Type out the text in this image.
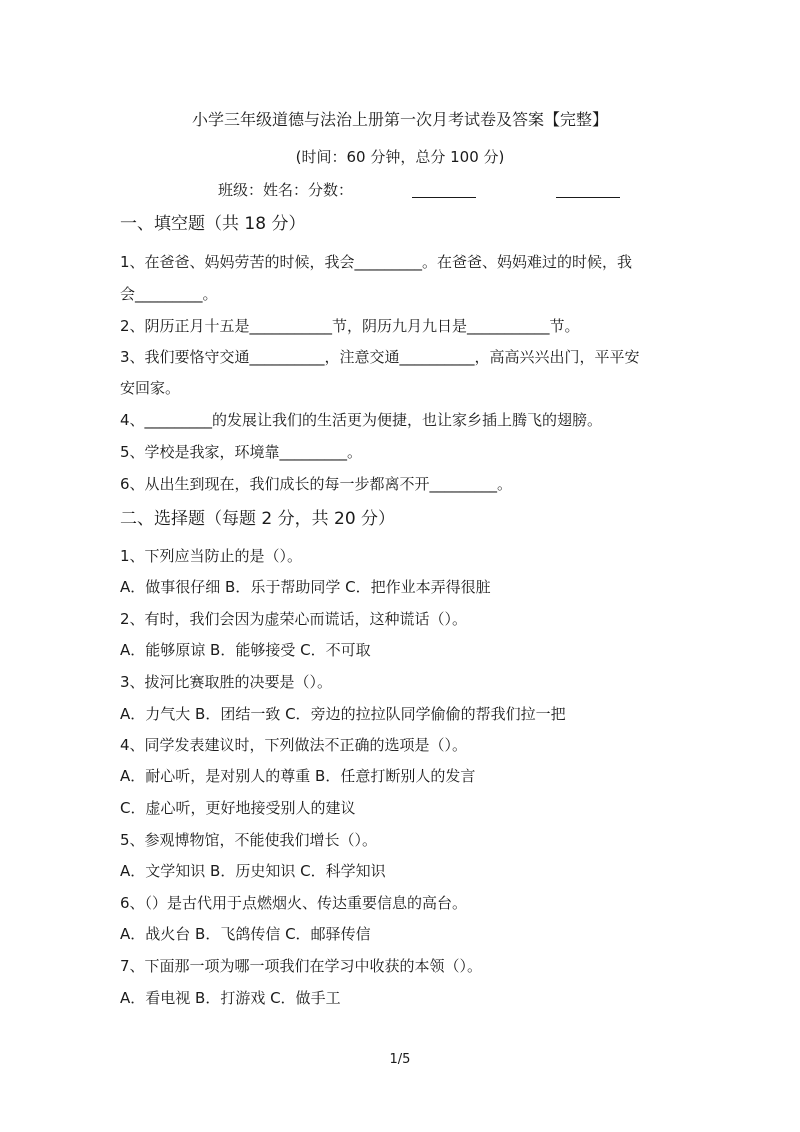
小学三年级道德与法治上册第一次月考试卷及答案【完整】
(时间：60 分钟，总分 100 分)
班级：姓名：分数：
一、填空题（共 18 分）
1、在爸爸、妈妈劳苦的时候，我会_________。在爸爸、妈妈难过的时候，我
会_________。
2、阴历正月十五是___________节，阴历九月九日是___________节。
3、我们要恪守交通__________，注意交通__________，高高兴兴出门，平平安
安回家。
4、_________的发展让我们的生活更为便捷，也让家乡插上腾飞的翅膀。
5、学校是我家，环境靠_________。
6、从出生到现在，我们成长的每一步都离不开_________。
二、选择题（每题 2 分，共 20 分）
1、下列应当防止的是（）。
A．做事很仔细 B．乐于帮助同学 C．把作业本弄得很脏
2、有时，我们会因为虚荣心而谎话，这种谎话（）。
A．能够原谅 B．能够接受 C．不可取
3、拔河比赛取胜的决要是（）。
A．力气大 B．团结一致 C．旁边的拉拉队同学偷偷的帮我们拉一把
4、同学发表建议时，下列做法不正确的选项是（）。
A．耐心听，是对别人的尊重 B．任意打断别人的发言
C．虚心听，更好地接受别人的建议
5、参观博物馆，不能使我们增长（）。
A．文学知识 B．历史知识 C．科学知识
6、（）是古代用于点燃烟火、传达重要信息的高台。
A．战火台 B．飞鸽传信 C．邮驿传信
7、下面那一项为哪一项我们在学习中收获的本领（）。
A．看电视 B．打游戏 C．做手工
1/5
